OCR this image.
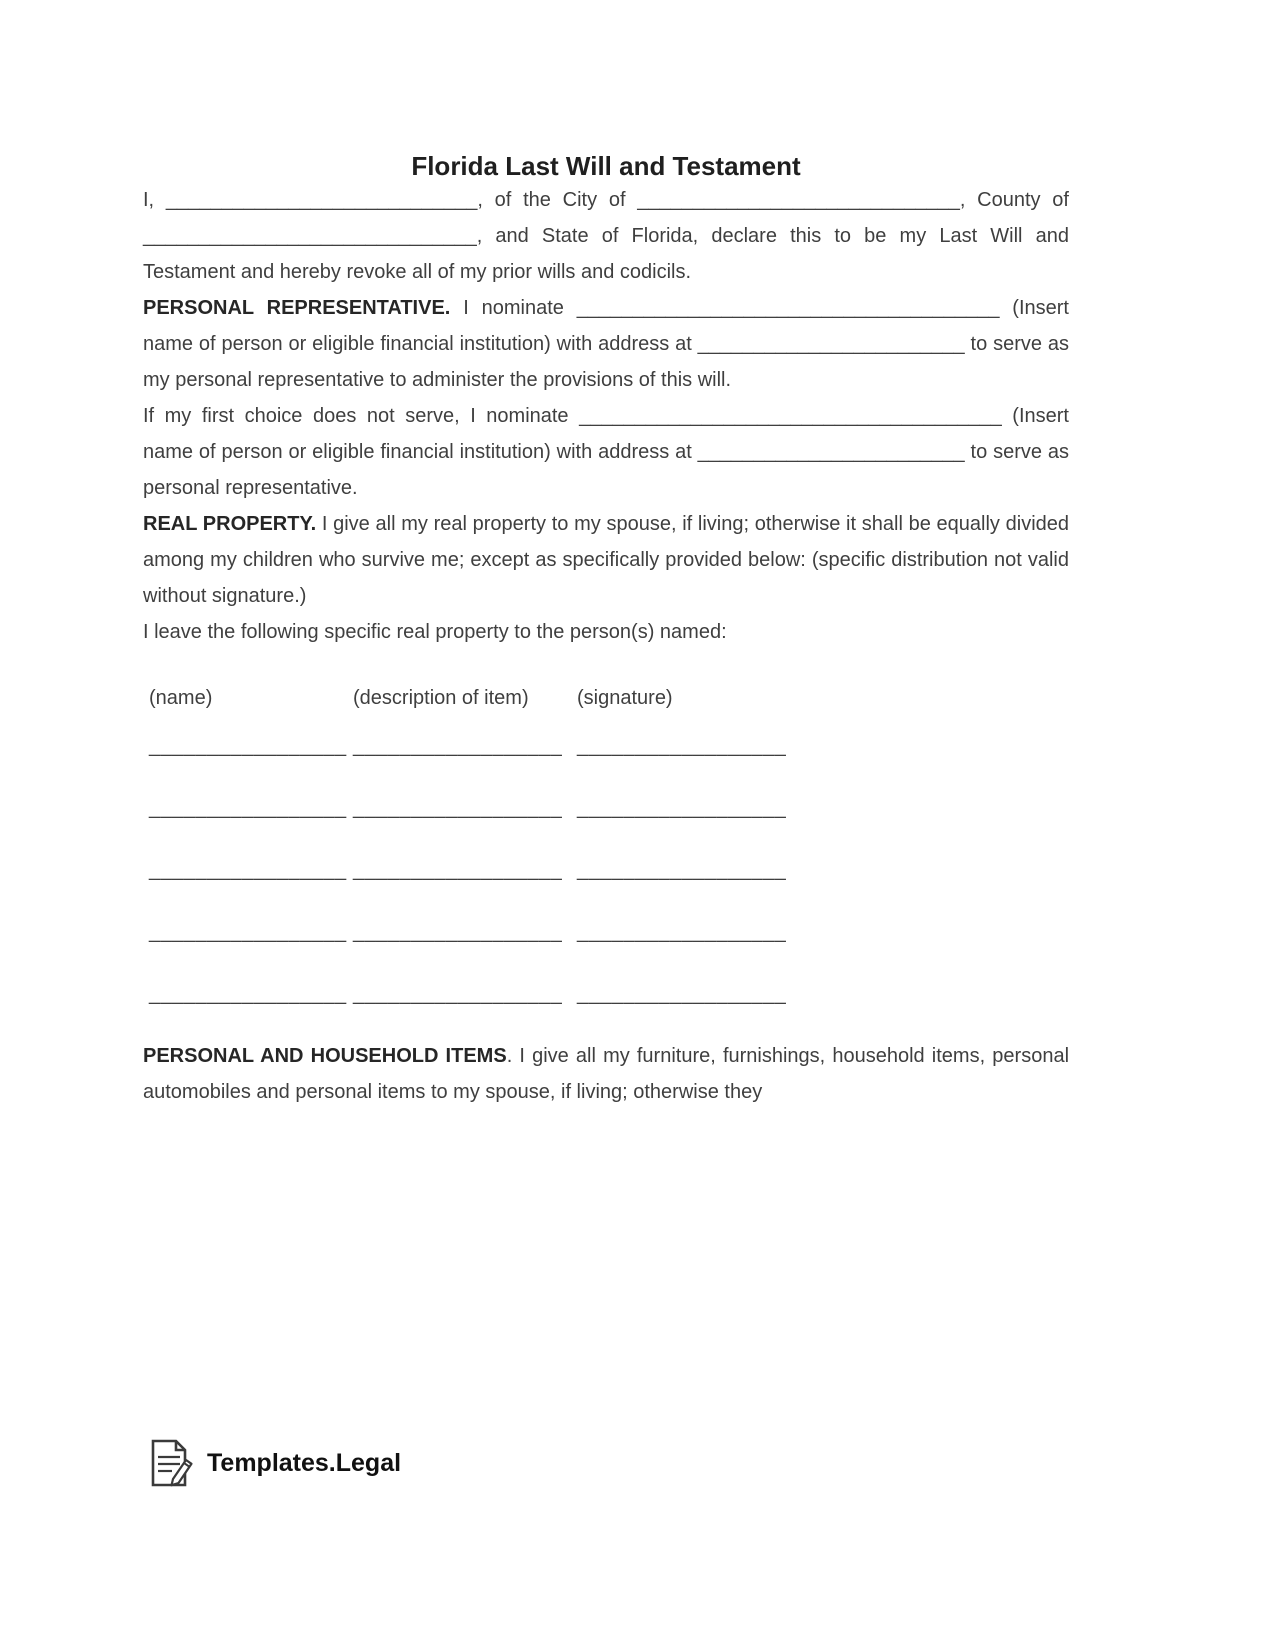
Florida Last Will and Testament

I, ____________________________, of the City of _____________________________, County of ______________________________, and State of Florida, declare this to be my Last Will and Testament and hereby revoke all of my prior wills and codicils.

PERSONAL REPRESENTATIVE. I nominate ______________________________________ (Insert name of person or eligible financial institution) with address at ________________________ to serve as my personal representative to administer the provisions of this will.

If my first choice does not serve, I nominate ______________________________________ (Insert name of person or eligible financial institution) with address at ________________________ to serve as personal representative.

REAL PROPERTY. I give all my real property to my spouse, if living; otherwise it shall be equally divided among my children who survive me; except as specifically provided below: (specific distribution not valid without signature.)

I leave the following specific real property to the person(s) named:

(name)	(description of item) (signature)
_________________ __________________ __________________
_________________ __________________ __________________
_________________ __________________ __________________
_________________ __________________ __________________
_________________ __________________ __________________

PERSONAL AND HOUSEHOLD ITEMS. I give all my furniture, furnishings, household items, personal automobiles and personal items to my spouse, if living; otherwise they

Templates.Legal
